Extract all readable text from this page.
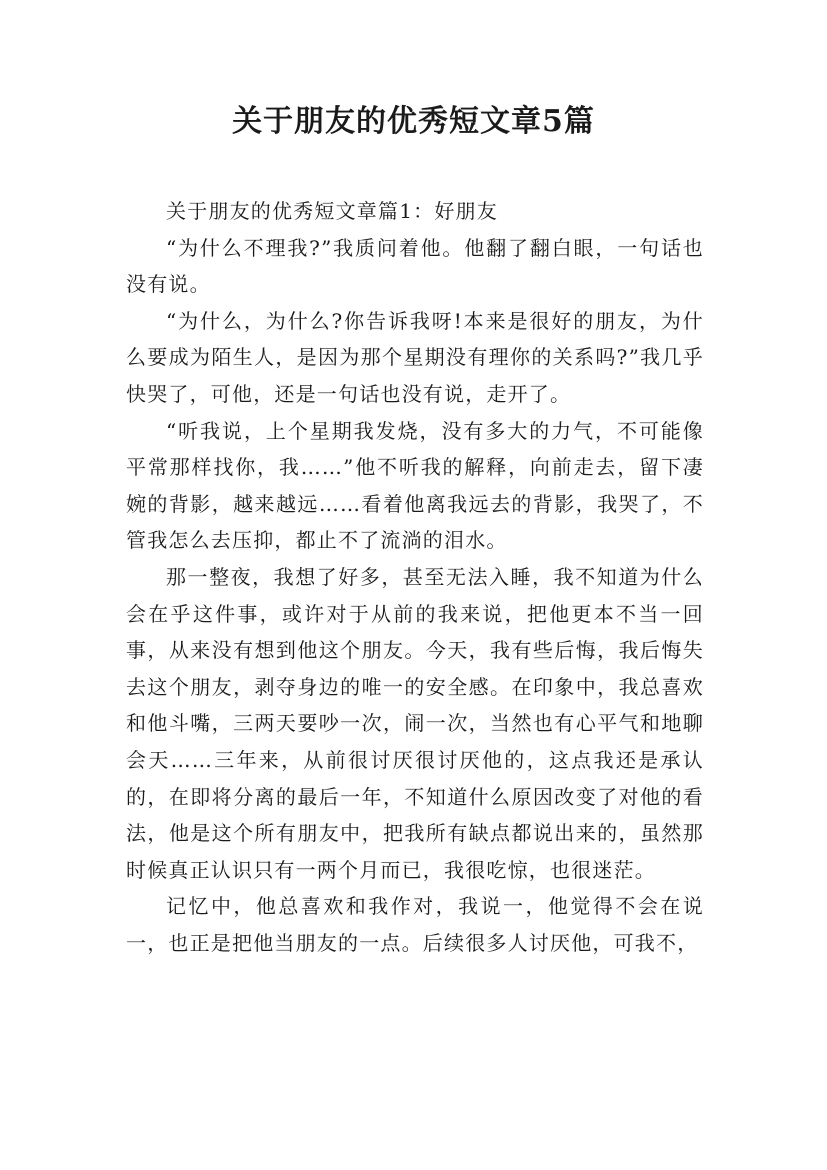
关于朋友的优秀短文章5篇

关于朋友的优秀短文章篇1：好朋友

“为什么不理我?”我质问着他。他翻了翻白眼，一句话也没有说。

“为什么，为什么?你告诉我呀!本来是很好的朋友，为什么要成为陌生人，是因为那个星期没有理你的关系吗?”我几乎快哭了，可他，还是一句话也没有说，走开了。

“听我说，上个星期我发烧，没有多大的力气，不可能像平常那样找你，我……”他不听我的解释，向前走去，留下凄婉的背影，越来越远……看着他离我远去的背影，我哭了，不管我怎么去压抑，都止不了流淌的泪水。

那一整夜，我想了好多，甚至无法入睡，我不知道为什么会在乎这件事，或许对于从前的我来说，把他更本不当一回事，从来没有想到他这个朋友。今天，我有些后悔，我后悔失去这个朋友，剥夺身边的唯一的安全感。在印象中，我总喜欢和他斗嘴，三两天要吵一次，闹一次，当然也有心平气和地聊会天……三年来，从前很讨厌很讨厌他的，这点我还是承认的，在即将分离的最后一年，不知道什么原因改变了对他的看法，他是这个所有朋友中，把我所有缺点都说出来的，虽然那时候真正认识只有一两个月而已，我很吃惊，也很迷茫。

记忆中，他总喜欢和我作对，我说一，他觉得不会在说一，也正是把他当朋友的一点。后续很多人讨厌他，可我不，
